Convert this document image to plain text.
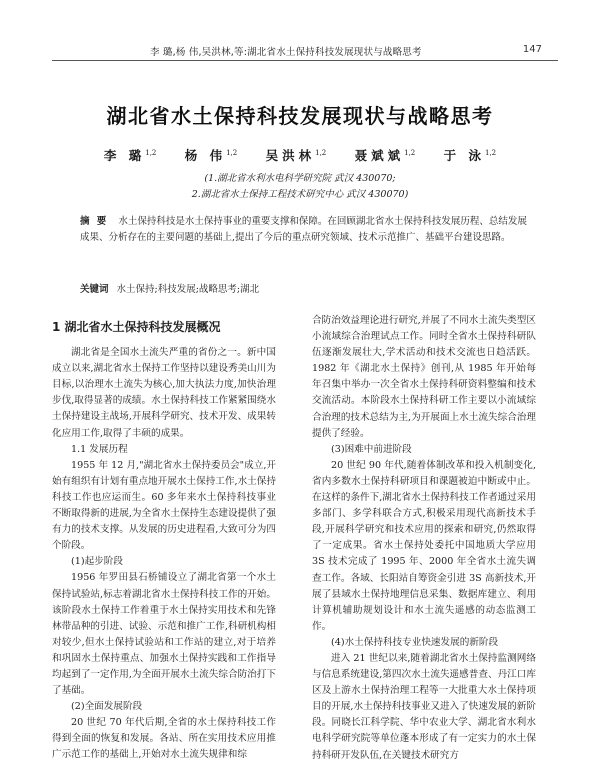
李 璐,杨 伟,吴洪林,等:湖北省水土保持科技发展现状与战略思考	147
湖北省水土保持科技发展现状与战略思考
李 璐$^{1,2}$ 杨 伟$^{1,2}$ 吴洪林$^{1,2}$ 聂斌斌$^{1,2}$ 于 泳$^{1,2}$
(1.湖北省水利水电科学研究院 武汉 430070;
2.湖北省水土保持工程技术研究中心 武汉 430070)
摘 要 水土保持科技是水土保持事业的重要支撑和保障。在回顾湖北省水土保持科技发展历程、总结发展成果、分析存在的主要问题的基础上,提出了今后的重点研究领域、技术示范推广、基础平台建设思路。
关键词 水土保持;科技发展;战略思考;湖北
1 湖北省水土保持科技发展概况

湖北省是全国水土流失严重的省份之一。新中国成立以来,湖北省水土保持工作坚持以建设秀美山川为目标,以治理水土流失为核心,加大执法力度,加快治理步伐,取得显著的成绩。水土保持科技工作紧紧围绕水土保持建设主战场,开展科学研究、技术开发、成果转化应用工作,取得了丰硕的成果。

1.1 发展历程

1955 年 12 月,"湖北省水土保持委员会"成立,开始有组织有计划有重点地开展水土保持工作,水土保持科技工作也应运而生。60 多年来水土保持科技事业不断取得新的进展,为全省水土保持生态建设提供了强有力的技术支撑。从发展的历史进程看,大致可分为四个阶段。

(1)起步阶段

1956 年罗田县石桥铺设立了湖北省第一个水土保持试验站,标志着湖北省水土保持科技工作的开始。该阶段水土保持工作着重于水土保持实用技术和先锋林带品种的引进、试验、示范和推广工作,科研机构相对较少,但水土保持试验站和工作站的建立,对于培养和巩固水土保持重点、加强水土保持实践和工作指导均起到了一定作用,为全面开展水土流失综合防治打下了基础。

(2)全面发展阶段

20 世纪 70 年代后期,全省的水土保持科技工作得到全面的恢复和发展。各站、所在实用技术应用推广示范工作的基础上,开始对水土流失规律和综

合防治效益理论进行研究,并展了不同水土流失类型区小流域综合治理试点工作。同时全省水土保持科研队伍逐渐发展壮大,学术活动和技术交流也日趋活跃。1982 年《湖北水土保持》创刊,从 1985 年开始每年召集中举办一次全省水土保持科研资料整编和技术交流活动。本阶段水土保持科研工作主要以小流域综合治理的技术总结为主,为开展面上水土流失综合治理提供了经验。

(3)困难中前进阶段

20 世纪 90 年代,随着体制改革和投入机制变化,省内多数水土保持科研项目和课题被迫中断或中止。在这样的条件下,湖北省水土保持科技工作者通过采用多部门、多学科联合方式,积极采用现代高新技术手段,开展科学研究和技术应用的探索和研究,仍然取得了一定成果。省水土保持处委托中国地质大学应用 3S 技术完成了 1995 年、2000 年全省水土流失调查工作。各域、长阳站自筹资金引进 3S 高新技术,开展了县域水土保持地理信息采集、数据库建立、利用计算机辅助规划设计和水土流失遥感的动态监测工作。

(4)水土保持科技专业快速发展的新阶段

进入 21 世纪以来,随着湖北省水土保持监测网络与信息系统建设,第四次水土流失遥感普查、丹江口库区及上游水土保持治理工程等一大批重大水土保持项目的开展,水土保持科技事业又进入了快速发展的新阶段。同晓长江科学院、华中农业大学、湖北省水利水电科学研究院等单位蓬本形成了有一定实力的水土保持科研开发队伍,在关键技术研究方
